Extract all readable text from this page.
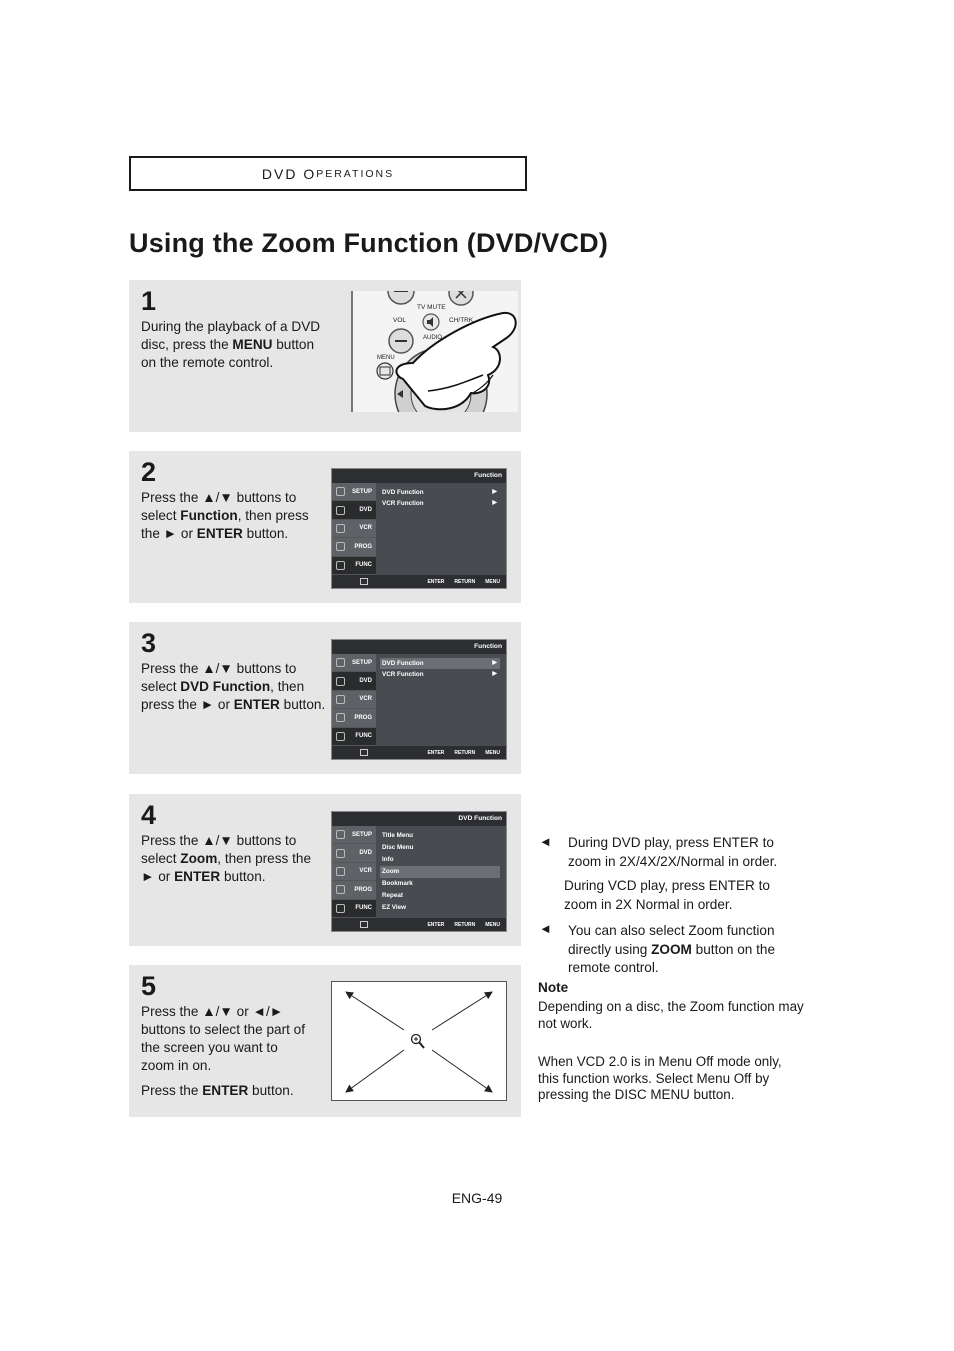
DVD O PERATIONS
Using the Zoom Function (DVD/VCD)
1

During the playback of a DVD

disc, press the MENU button

on the remote control.

TV MUTE
VOL	CH/TRK
AUDIO
MENU
2

Press the ▲/▼ buttons to

select Function, then press

the ► or ENTER button.

Function
SETUP
DVD
VCR
PROG
FUNC
DVD Function	▶
VCR Function	▶
ENTER RETURN MENU
3

Press the ▲/▼ buttons to

select DVD Function, then

press the ► or ENTER button.

Function
SETUP
DVD
VCR
PROG
FUNC
DVD Function	▶
VCR Function	▶
ENTER RETURN MENU
4

Press the ▲/▼ buttons to

select Zoom, then press the

► or ENTER button.

DVD Function
SETUP
DVD
VCR
PROG
FUNC
Title Menu
Disc Menu
Info
Zoom
Bookmark
Repeat
EZ View
ENTER RETURN MENU
5

Press the ▲/▼ or ◄/►

buttons to select the part of

the screen you want to

zoom in on.

Press the ENTER button.

◄ During DVD play, press ENTER to

zoom in 2X/4X/2X/Normal in order.

During VCD play, press ENTER to

zoom in 2X Normal in order.

◄ You can also select Zoom function

directly using ZOOM button on the

remote control.

Note

Depending on a disc, the Zoom function may

not work.

When VCD 2.0 is in Menu Off mode only,

this function works. Select Menu Off by

pressing the DISC MENU button.

ENG-49
